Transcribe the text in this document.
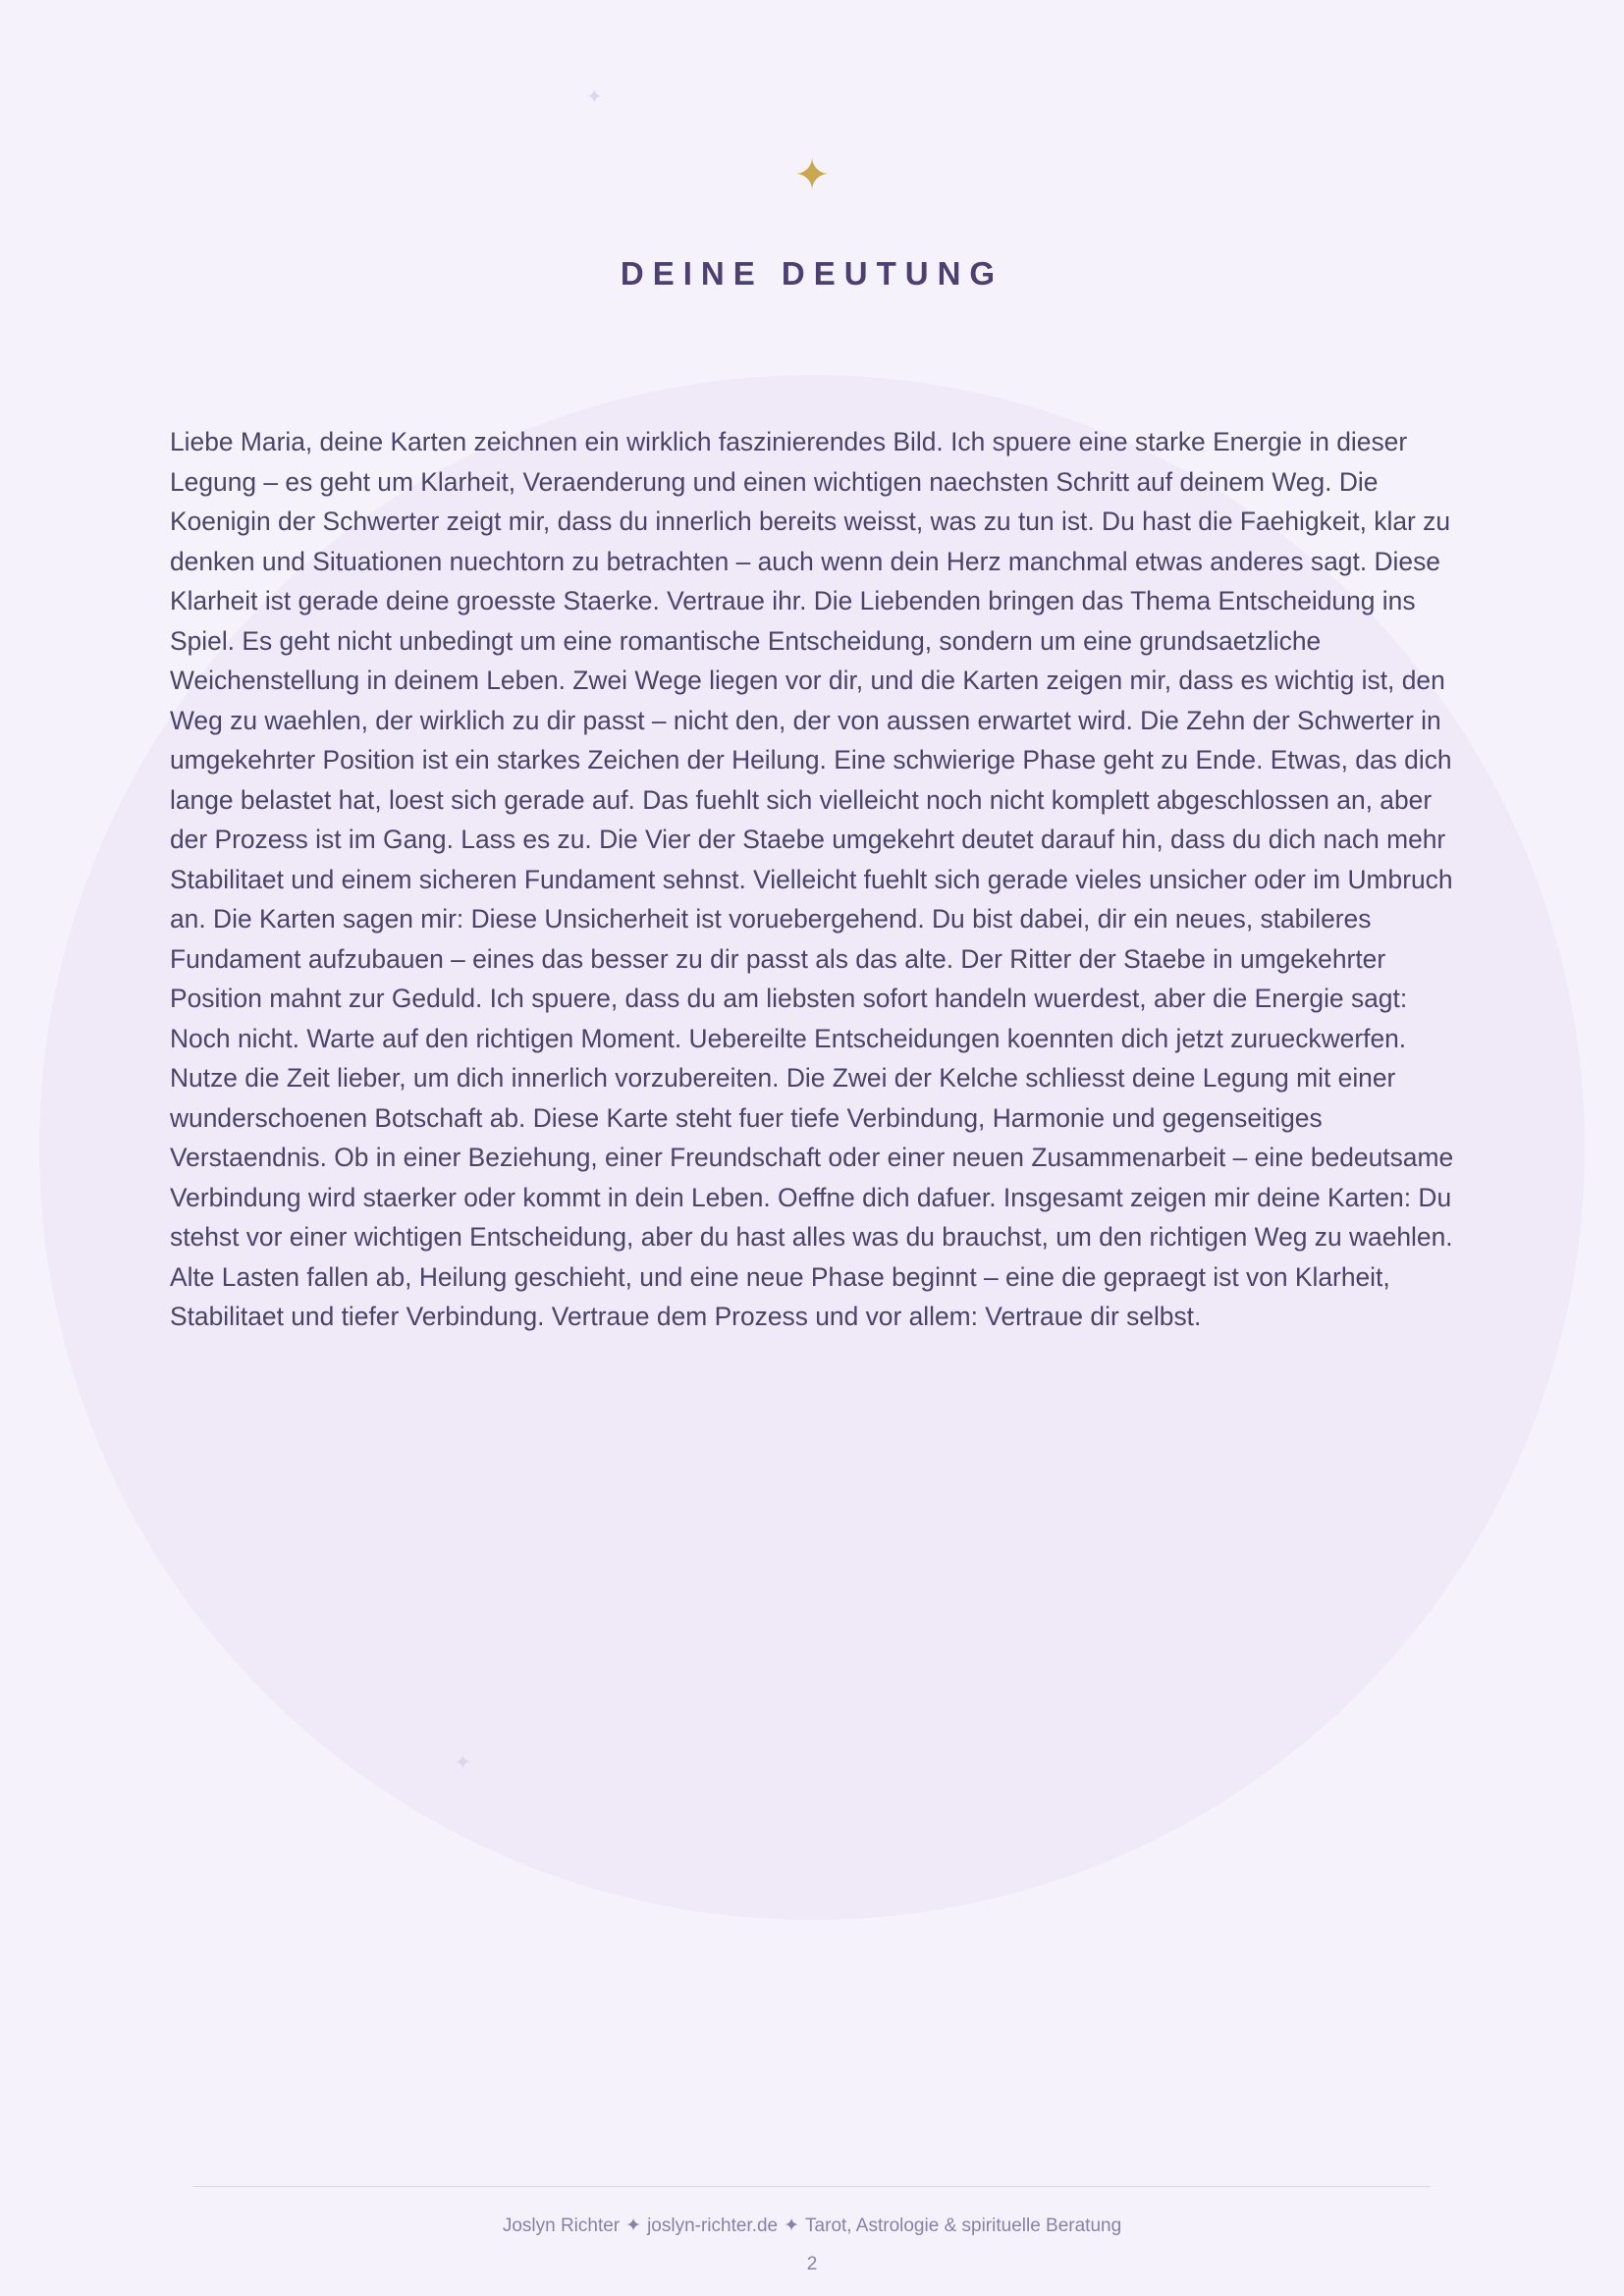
✦
✦
✦
DEINE DEUTUNG

Liebe Maria, deine Karten zeichnen ein wirklich faszinierendes Bild. Ich spuere eine starke Energie in dieser Legung – es geht um Klarheit, Veraenderung und einen wichtigen naechsten Schritt auf deinem Weg. Die Koenigin der Schwerter zeigt mir, dass du innerlich bereits weisst, was zu tun ist. Du hast die Faehigkeit, klar zu denken und Situationen nuechtorn zu betrachten – auch wenn dein Herz manchmal etwas anderes sagt. Diese Klarheit ist gerade deine groesste Staerke. Vertraue ihr. Die Liebenden bringen das Thema Entscheidung ins Spiel. Es geht nicht unbedingt um eine romantische Entscheidung, sondern um eine grundsaetzliche Weichenstellung in deinem Leben. Zwei Wege liegen vor dir, und die Karten zeigen mir, dass es wichtig ist, den Weg zu waehlen, der wirklich zu dir passt – nicht den, der von aussen erwartet wird. Die Zehn der Schwerter in umgekehrter Position ist ein starkes Zeichen der Heilung. Eine schwierige Phase geht zu Ende. Etwas, das dich lange belastet hat, loest sich gerade auf. Das fuehlt sich vielleicht noch nicht komplett abgeschlossen an, aber der Prozess ist im Gang. Lass es zu. Die Vier der Staebe umgekehrt deutet darauf hin, dass du dich nach mehr Stabilitaet und einem sicheren Fundament sehnst. Vielleicht fuehlt sich gerade vieles unsicher oder im Umbruch an. Die Karten sagen mir: Diese Unsicherheit ist voruebergehend. Du bist dabei, dir ein neues, stabileres Fundament aufzubauen – eines das besser zu dir passt als das alte. Der Ritter der Staebe in umgekehrter Position mahnt zur Geduld. Ich spuere, dass du am liebsten sofort handeln wuerdest, aber die Energie sagt: Noch nicht. Warte auf den richtigen Moment. Uebereilte Entscheidungen koennten dich jetzt zurueckwerfen. Nutze die Zeit lieber, um dich innerlich vorzubereiten. Die Zwei der Kelche schliesst deine Legung mit einer wunderschoenen Botschaft ab. Diese Karte steht fuer tiefe Verbindung, Harmonie und gegenseitiges Verstaendnis. Ob in einer Beziehung, einer Freundschaft oder einer neuen Zusammenarbeit – eine bedeutsame Verbindung wird staerker oder kommt in dein Leben. Oeffne dich dafuer. Insgesamt zeigen mir deine Karten: Du stehst vor einer wichtigen Entscheidung, aber du hast alles was du brauchst, um den richtigen Weg zu waehlen. Alte Lasten fallen ab, Heilung geschieht, und eine neue Phase beginnt – eine die gepraegt ist von Klarheit, Stabilitaet und tiefer Verbindung. Vertraue dem Prozess und vor allem: Vertraue dir selbst.

Joslyn Richter ✦ joslyn-richter.de ✦ Tarot, Astrologie & spirituelle Beratung
2
